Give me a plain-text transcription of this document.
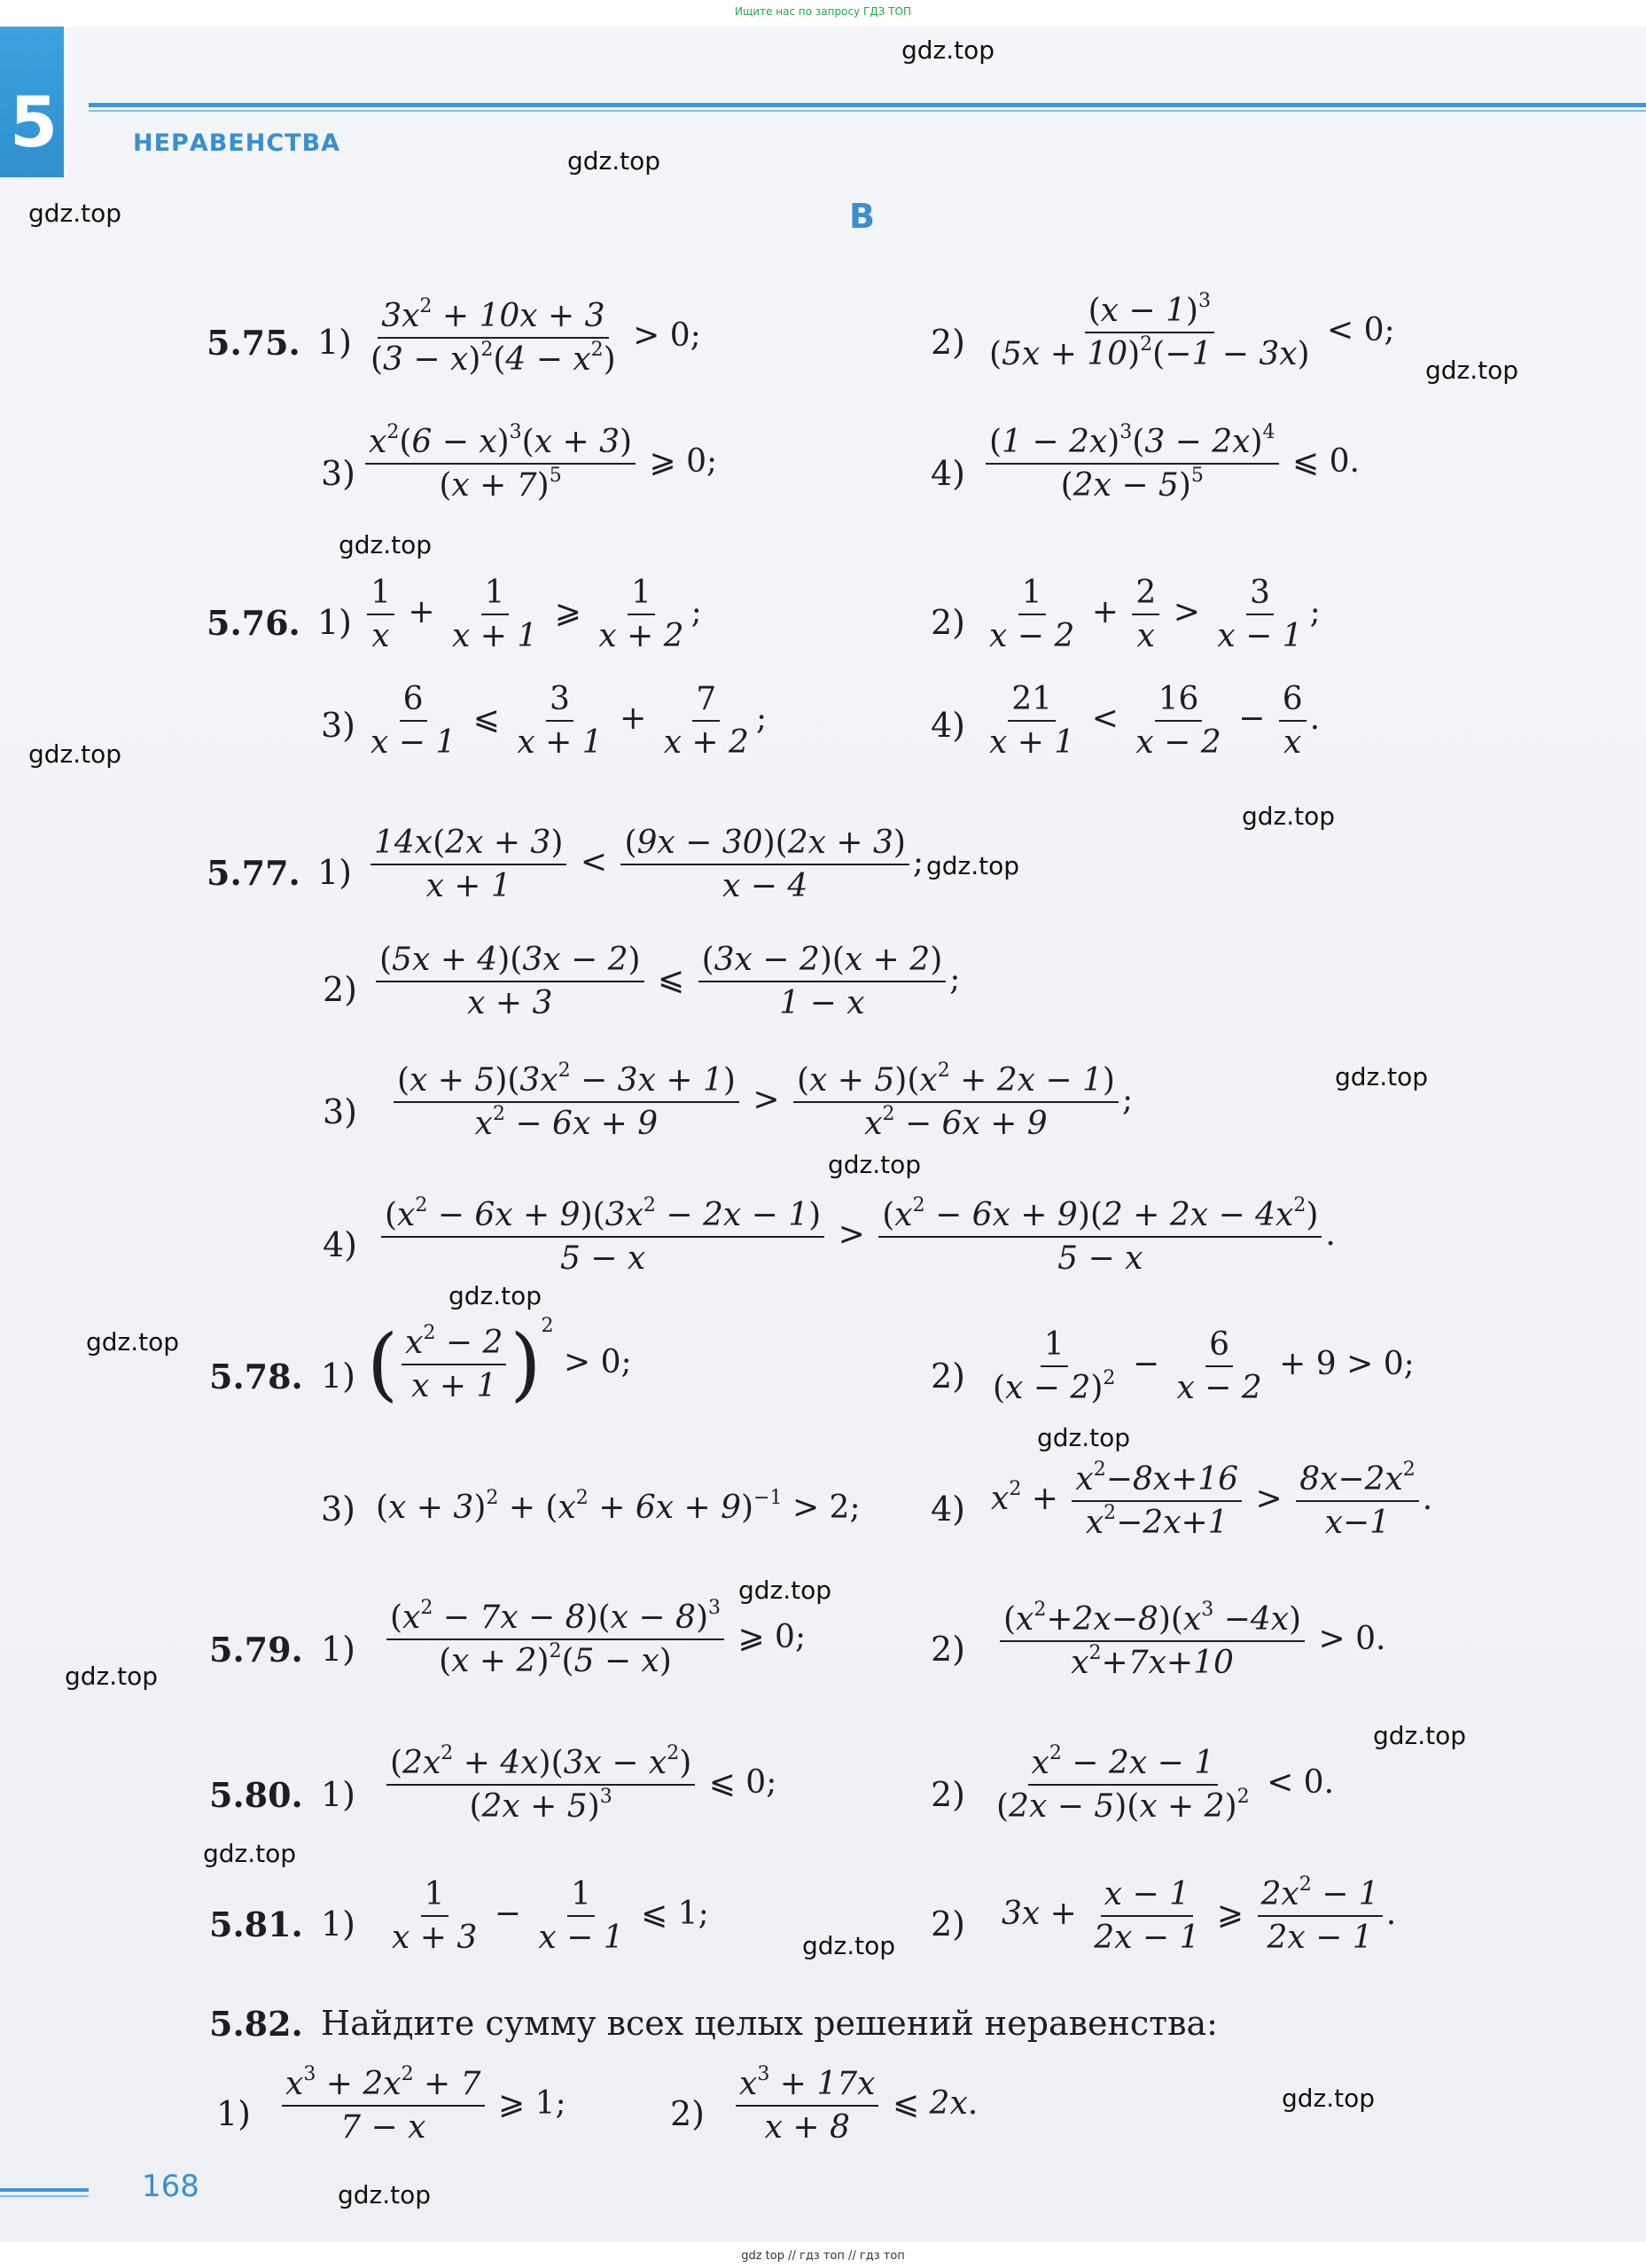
Ищите нас по запросу ГДЗ ТОП
5	НЕРАВЕНСТВА
В
gdz.top
gdz.top
gdz.top
gdz.top
gdz.top
gdz.top
gdz.top
gdz.top
gdz.top
gdz.top
gdz.top
gdz.top
gdz.top
gdz.top
gdz.top
gdz.top
gdz.top
gdz.top
gdz.top
gdz.top
5.75. $1) \frac{3x^2 + 10x + 3}{(3 - x)^2(4 - x^2)} > 0$;	$2) \frac{(x - 1)^3}{(5x + 10)^2(-1 - 3x)} < 0$;
$3) \frac{x^2(6 - x)^3(x + 3)}{(x + 7)^5}$ ⩾ 0;	$4) \frac{(1 - 2x)^3(3 - 2x)^4}{(2x - 5)^5}$ ⩽ 0.
5.76. $1) \frac{1}{x} + \frac{1}{x + 1}$ ⩾ $\frac{1}{x + 2}$ ;	$2) \frac{1}{x - 2} + \frac{2}{x} > \frac{3}{x - 1}$ ;
$3) \frac{6}{x - 1}$ ⩽ $\frac{3}{x + 1} + \frac{7}{x + 2}$ ;	$4) \frac{21}{x + 1} < \frac{16}{x - 2} - \frac{6}{x}$ .
5.77. $1) \frac{14x(2x + 3)}{x + 1} < \frac{(9x - 30)(2x + 3)}{x - 4}$ ;
$2) \frac{(5x + 4)(3x - 2)}{x + 3}$ ⩽ $\frac{(3x - 2)(x + 2)}{1 - x}$ ;
$3) \frac{(x + 5)(3x^2 - 3x + 1)}{x^2 - 6x + 9} > \frac{(x + 5)(x^2 + 2x - 1)}{x^2 - 6x + 9}$ ;
$4) \frac{(x^2 - 6x + 9)(3x^2 - 2x - 1)}{5 - x} > \frac{(x^2 - 6x + 9)(2 + 2x - 4x^2)}{5 - x}$ .
5.78. 1) ( $\frac{x^2 - 2}{x + 1} )^2 > 0$;	$2) \frac{1}{(x - 2)^2} - \frac{6}{x - 2} + 9 > 0$;
3) $(x + 3)^2 + (x^2 + 6x + 9)^{-1} > 2$; 4) $x^2 + \frac{x^2-8x+16}{x^2-2x+1} > \frac{8x-2x^2}{x-1}$ .
5.79. $1) \frac{(x^2 - 7x - 8)(x - 8)^3}{(x + 2)^2(5 - x)}$ ⩾ 0;	$2) \frac{(x^2+2x-8)(x^3 -4x)}{x^2+7x+10} > 0$.
5.80. $1) \frac{(2x^2 + 4x)(3x - x^2)}{(2x + 5)^3}$ ⩽ 0;	$2) \frac{x^2 - 2x - 1}{(2x - 5)(x + 2)^2} < 0$.
5.81. $1) \frac{1}{x + 3} - \frac{1}{x - 1}$ ⩽ 1;	2) $3x + \frac{x - 1}{2x - 1}$ ⩾ $\frac{2x^2 - 1}{2x - 1}$ .
5.82. Найдите сумму всех целых решений неравенства:
$1) \frac{x^3 + 2x^2 + 7}{7 - x}$ ⩾ 1;	$2) \frac{x^3 + 17x}{x + 8}$ ⩽ 2x.
168
gdz top // гдз топ // гдз топ
